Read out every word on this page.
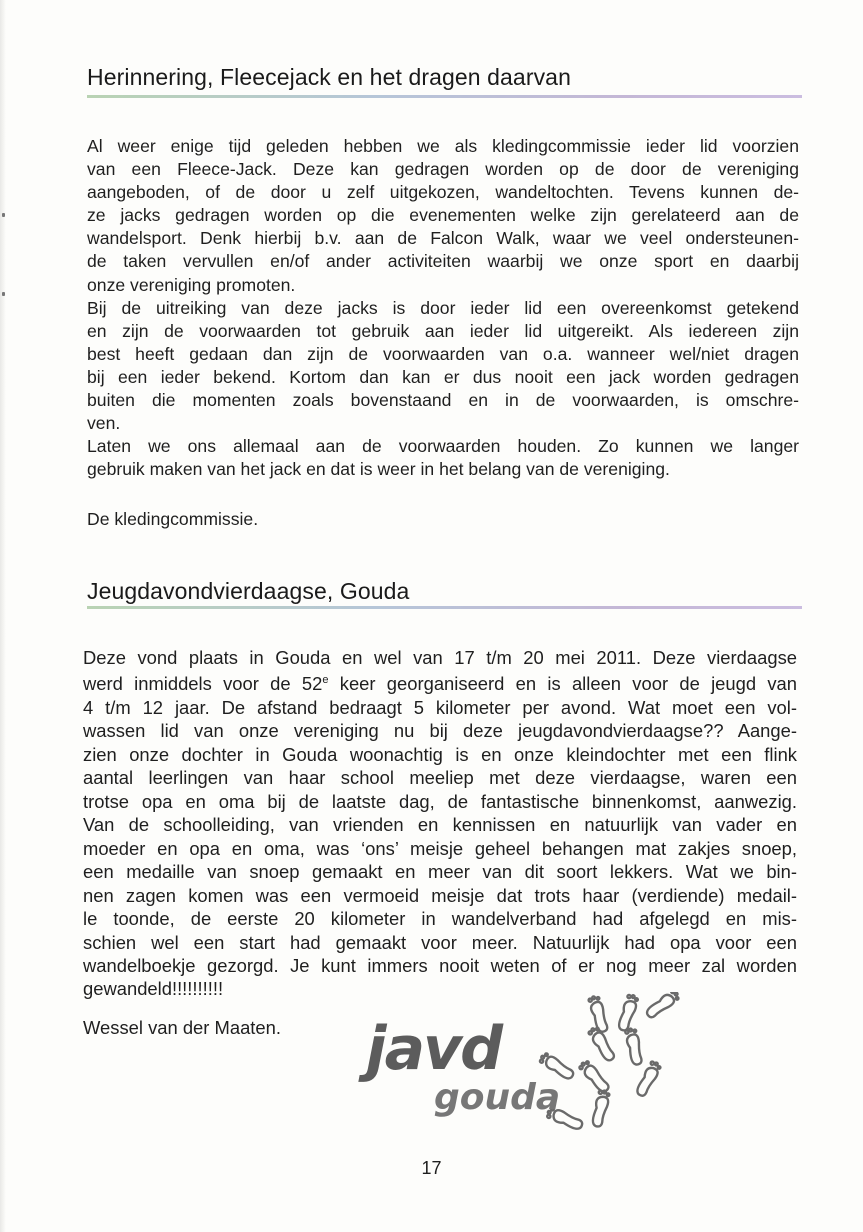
Herinnering, Fleecejack en het dragen daarvan
Al weer enige tijd geleden hebben we als kledingcommissie ieder lid voorzien
van een Fleece-Jack. Deze kan gedragen worden op de door de vereniging
aangeboden, of de door u zelf uitgekozen, wandeltochten. Tevens kunnen de-
ze jacks gedragen worden op die evenementen welke zijn gerelateerd aan de
wandelsport. Denk hierbij b.v. aan de Falcon Walk, waar we veel ondersteunen-
de taken vervullen en/of ander activiteiten waarbij we onze sport en daarbij
onze vereniging promoten.
Bij de uitreiking van deze jacks is door ieder lid een overeenkomst getekend
en zijn de voorwaarden tot gebruik aan ieder lid uitgereikt. Als iedereen zijn
best heeft gedaan dan zijn de voorwaarden van o.a. wanneer wel/niet dragen
bij een ieder bekend. Kortom dan kan er dus nooit een jack worden gedragen
buiten die momenten zoals bovenstaand en in de voorwaarden, is omschre-
ven.
Laten we ons allemaal aan de voorwaarden houden. Zo kunnen we langer
gebruik maken van het jack en dat is weer in het belang van de vereniging.

De kledingcommissie.

Jeugdavondvierdaagse, Gouda
Deze vond plaats in Gouda en wel van 17 t/m 20 mei 2011. Deze vierdaagse
werd inmiddels voor de 52e keer georganiseerd en is alleen voor de jeugd van
4 t/m 12 jaar. De afstand bedraagt 5 kilometer per avond. Wat moet een vol-
wassen lid van onze vereniging nu bij deze jeugdavondvierdaagse?? Aange-
zien onze dochter in Gouda woonachtig is en onze kleindochter met een flink
aantal leerlingen van haar school meeliep met deze vierdaagse, waren een
trotse opa en oma bij de laatste dag, de fantastische binnenkomst, aanwezig.
Van de schoolleiding, van vrienden en kennissen en natuurlijk van vader en
moeder en opa en oma, was ‘ons’ meisje geheel behangen mat zakjes snoep,
een medaille van snoep gemaakt en meer van dit soort lekkers. Wat we bin-
nen zagen komen was een vermoeid meisje dat trots haar (verdiende) medail-
le toonde, de eerste 20 kilometer in wandelverband had afgelegd en mis-
schien wel een start had gemaakt voor meer. Natuurlijk had opa voor een
wandelboekje gezorgd. Je kunt immers nooit weten of er nog meer zal worden
gewandeld!!!!!!!!!!

Wessel van der Maaten. javd
gouda
17
